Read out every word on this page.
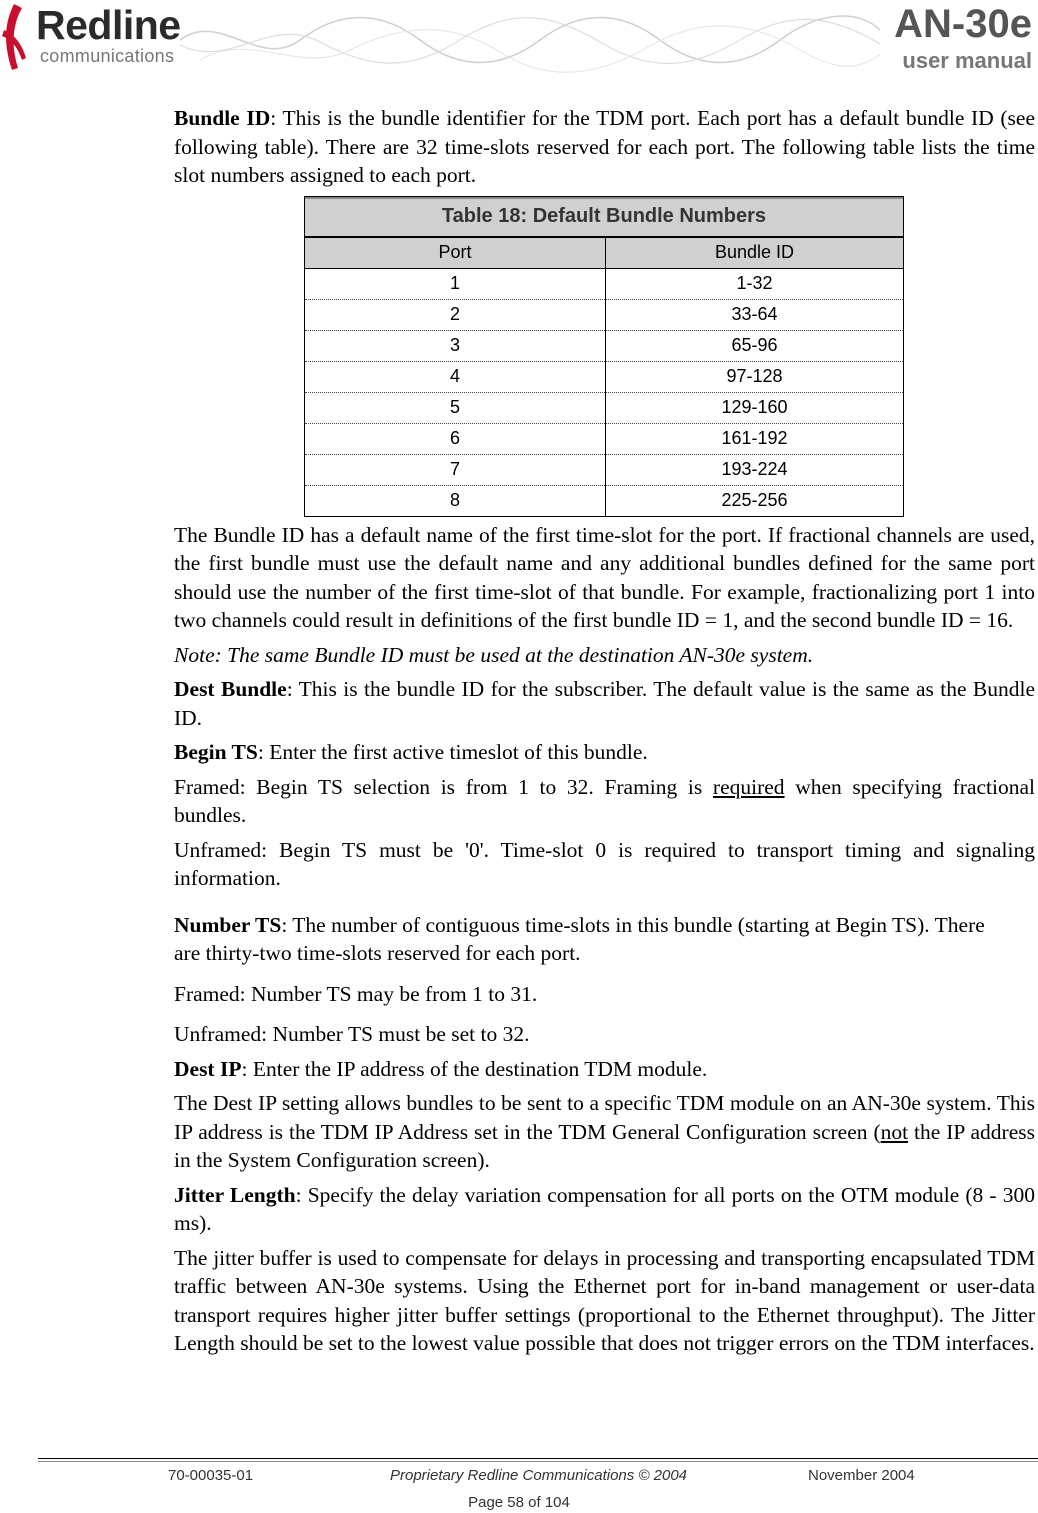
Redline
communications
AN-30e
user manual

Bundle ID: This is the bundle identifier for the TDM port. Each port has a default bundle ID (see following table). There are 32 time-slots reserved for each port. The following table lists the time slot numbers assigned to each port.

Table 18: Default Bundle Numbers
Port	Bundle ID
1	1-32
2	33-64
3	65-96
4	97-128
5	129-160
6	161-192
7	193-224
8	225-256

The Bundle ID has a default name of the first time-slot for the port. If fractional channels are used, the first bundle must use the default name and any additional bundles defined for the same port should use the number of the first time-slot of that bundle. For example, fractionalizing port 1 into two channels could result in definitions of the first bundle ID = 1, and the second bundle ID = 16.

Note: The same Bundle ID must be used at the destination AN-30e system.

Dest Bundle: This is the bundle ID for the subscriber. The default value is the same as the Bundle ID.

Begin TS: Enter the first active timeslot of this bundle.

Framed: Begin TS selection is from 1 to 32. Framing is required when specifying fractional bundles.

Unframed: Begin TS must be '0'. Time-slot 0 is required to transport timing and signaling information.

Number TS: The number of contiguous time-slots in this bundle (starting at Begin TS). There are thirty-two time-slots reserved for each port.

Framed: Number TS may be from 1 to 31.

Unframed: Number TS must be set to 32.

Dest IP: Enter the IP address of the destination TDM module.

The Dest IP setting allows bundles to be sent to a specific TDM module on an AN-30e system. This IP address is the TDM IP Address set in the TDM General Configuration screen (not the IP address in the System Configuration screen).

Jitter Length: Specify the delay variation compensation for all ports on the OTM module (8 - 300 ms).

The jitter buffer is used to compensate for delays in processing and transporting encapsulated TDM traffic between AN-30e systems. Using the Ethernet port for in-band management or user-data transport requires higher jitter buffer settings (proportional to the Ethernet throughput). The Jitter Length should be set to the lowest value possible that does not trigger errors on the TDM interfaces.

70-00035-01	Proprietary Redline Communications © 2004	November 2004
Page 58 of 104
